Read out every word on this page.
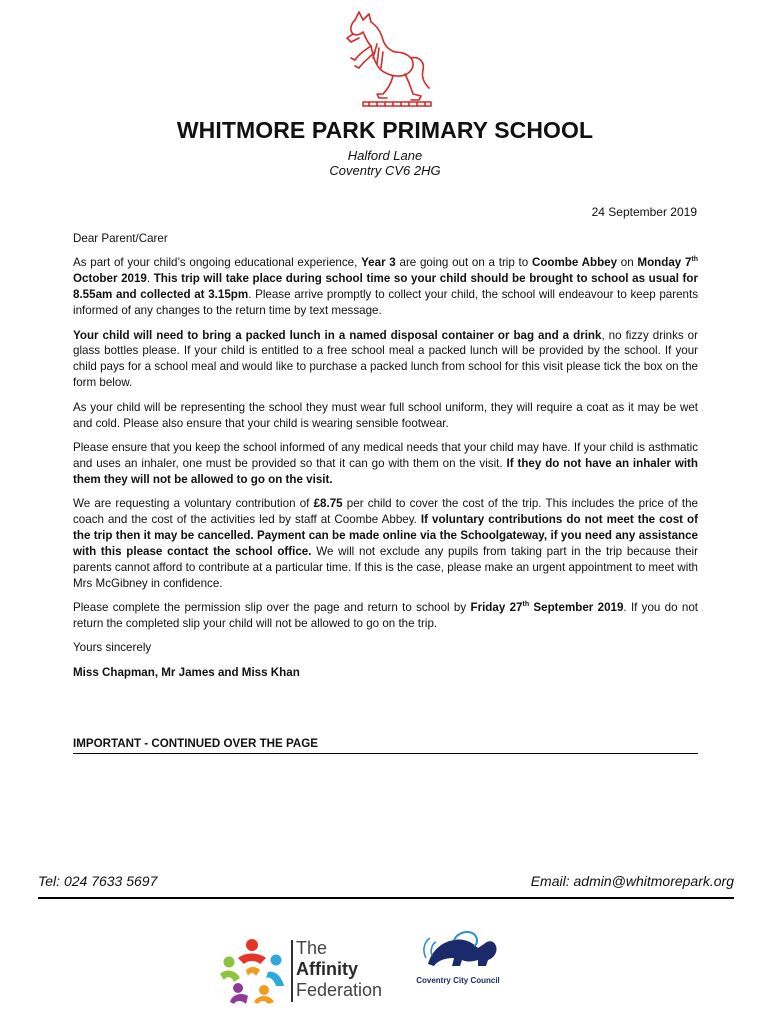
WHITMORE PARK PRIMARY SCHOOL
Halford Lane
Coventry CV6 2HG
24 September 2019

Dear Parent/Carer

As part of your child’s ongoing educational experience, Year 3 are going out on a trip to Coombe Abbey on Monday 7th October 2019. This trip will take place during school time so your child should be brought to school as usual for 8.55am and collected at 3.15pm. Please arrive promptly to collect your child, the school will endeavour to keep parents informed of any changes to the return time by text message.

Your child will need to bring a packed lunch in a named disposal container or bag and a drink, no fizzy drinks or glass bottles please. If your child is entitled to a free school meal a packed lunch will be provided by the school. If your child pays for a school meal and would like to purchase a packed lunch from school for this visit please tick the box on the form below.

As your child will be representing the school they must wear full school uniform, they will require a coat as it may be wet and cold. Please also ensure that your child is wearing sensible footwear.

Please ensure that you keep the school informed of any medical needs that your child may have. If your child is asthmatic and uses an inhaler, one must be provided so that it can go with them on the visit. If they do not have an inhaler with them they will not be allowed to go on the visit.

We are requesting a voluntary contribution of £8.75 per child to cover the cost of the trip. This includes the price of the coach and the cost of the activities led by staff at Coombe Abbey. If voluntary contributions do not meet the cost of the trip then it may be cancelled. Payment can be made online via the Schoolgateway, if you need any assistance with this please contact the school office. We will not exclude any pupils from taking part in the trip because their parents cannot afford to contribute at a particular time. If this is the case, please make an urgent appointment to meet with Mrs McGibney in confidence.

Please complete the permission slip over the page and return to school by Friday 27th September 2019. If you do not return the completed slip your child will not be allowed to go on the trip.

Yours sincerely

Miss Chapman, Mr James and Miss Khan

IMPORTANT - CONTINUED OVER THE PAGE
Tel: 024 7633 5697	Email: admin@whitmorepark.org
The
Affinity
Federation	Coventry City Council
